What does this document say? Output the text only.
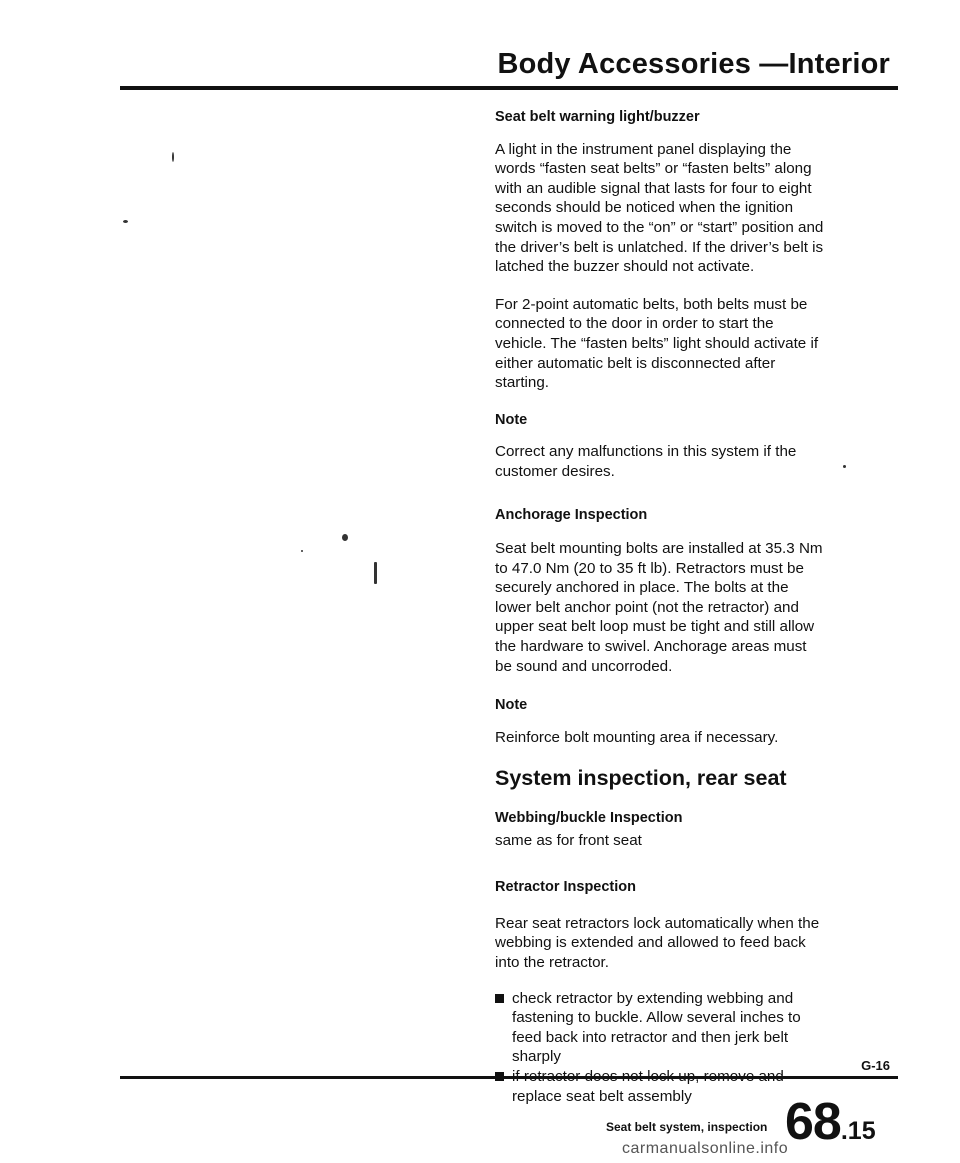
Body Accessories —Interior
Seat belt warning light/buzzer

A light in the instrument panel displaying the words “fasten seat belts” or “fasten belts” along with an audible signal that lasts for four to eight seconds should be noticed when the ignition switch is moved to the “on” or “start” position and the driver’s belt is unlatched. If the driver’s belt is latched the buzzer should not activate.

For 2-point automatic belts, both belts must be connected to the door in order to start the vehicle. The “fasten belts” light should activate if either automatic belt is disconnected after starting.

Note

Correct any malfunctions in this system if the customer desires.

Anchorage Inspection

Seat belt mounting bolts are installed at 35.3 Nm to 47.0 Nm (20 to 35 ft lb). Retractors must be securely anchored in place. The bolts at the lower belt anchor point (not the retractor) and upper seat belt loop must be tight and still allow the hardware to swivel. Anchorage areas must be sound and uncorroded.

Note

Reinforce bolt mounting area if necessary.

System inspection, rear seat
Webbing/buckle Inspection

same as for front seat

Retractor Inspection

Rear seat retractors lock automatically when the webbing is extended and allowed to feed back into the retractor.

check retractor by extending webbing and fastening to buckle. Allow several inches to feed back into retractor and then jerk belt sharply
if retractor does not lock up, remove and replace seat belt assembly
G-16
Seat belt system, inspection 68.15
carmanualsonline.info
